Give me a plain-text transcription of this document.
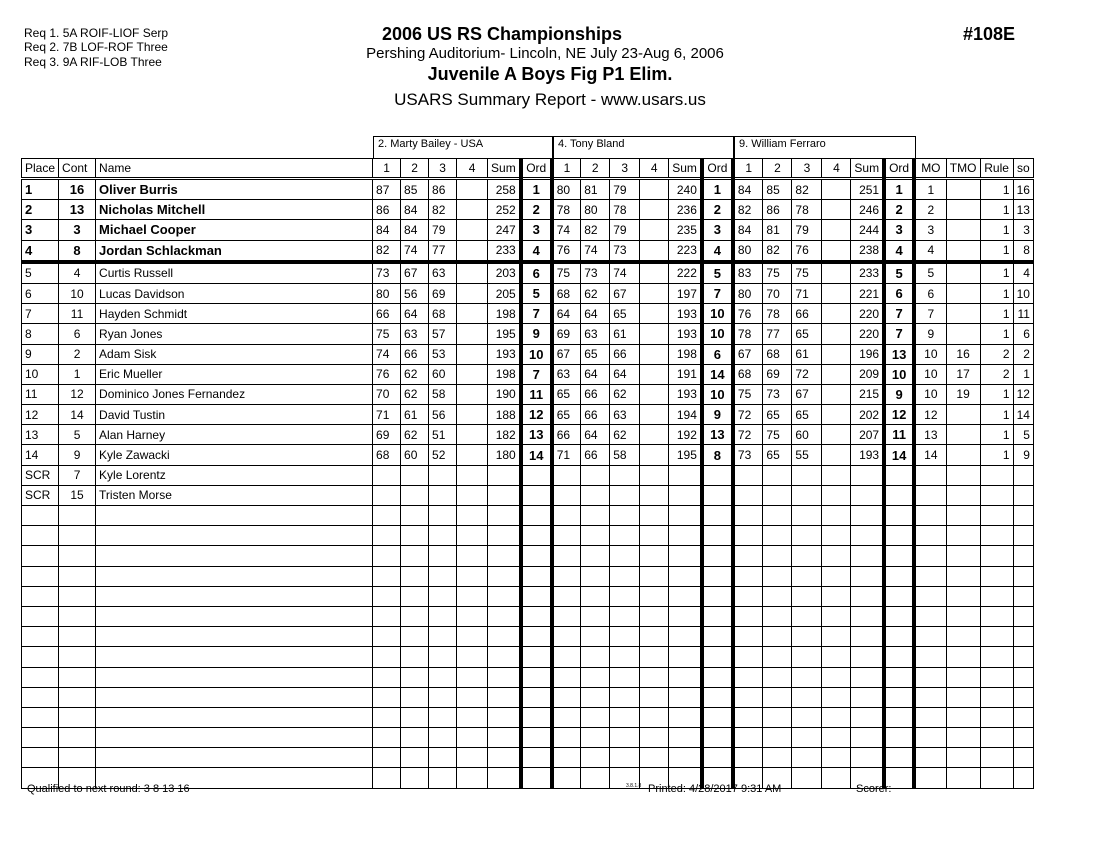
Req 1. 5A ROIF-LIOF Serp
Req 2. 7B LOF-ROF Three
Req 3. 9A RIF-LOB Three
2006 US RS Championships
Pershing Auditorium- Lincoln, NE July 23-Aug 6, 2006
Juvenile A Boys Fig P1 Elim.
USARS Summary Report - www.usars.us
#108E
2. Marty Bailey - USA	4. Tony Bland	9. William Ferraro
Place	Cont	Name	1	2	3	4	Sum	Ord	1	2	3	4	Sum	Ord	1	2	3	4	Sum	Ord	MO	TMO	Rule	so
1	16	Oliver Burris	87	85	86		258	1	80	81	79		240	1	84	85	82		251	1	1		1	16
2	13	Nicholas Mitchell	86	84	82		252	2	78	80	78		236	2	82	86	78		246	2	2		1	13
3	3	Michael Cooper	84	84	79		247	3	74	82	79		235	3	84	81	79		244	3	3		1	3
4	8	Jordan Schlackman	82	74	77		233	4	76	74	73		223	4	80	82	76		238	4	4		1	8
5	4	Curtis Russell	73	67	63		203	6	75	73	74		222	5	83	75	75		233	5	5		1	4
6	10	Lucas Davidson	80	56	69		205	5	68	62	67		197	7	80	70	71		221	6	6		1	10
7	11	Hayden Schmidt	66	64	68		198	7	64	64	65		193	10	76	78	66		220	7	7		1	11
8	6	Ryan Jones	75	63	57		195	9	69	63	61		193	10	78	77	65		220	7	9		1	6
9	2	Adam Sisk	74	66	53		193	10	67	65	66		198	6	67	68	61		196	13	10	16	2	2
10	1	Eric Mueller	76	62	60		198	7	63	64	64		191	14	68	69	72		209	10	10	17	2	1
11	12	Dominico Jones Fernandez	70	62	58		190	11	65	66	62		193	10	75	73	67		215	9	10	19	1	12
12	14	David Tustin	71	61	56		188	12	65	66	63		194	9	72	65	65		202	12	12		1	14
13	5	Alan Harney	69	62	51		182	13	66	64	62		192	13	72	75	60		207	11	13		1	5
14	9	Kyle Zawacki	68	60	52		180	14	71	66	58		195	8	73	65	55		193	14	14		1	9
SCR	7	Kyle Lorentz																						
SCR	15	Tristen Morse																						

Qualified to next round: 3 8 13 16	3.8.1.8 Printed: 4/28/2017 9:31 AM	Scorer:
